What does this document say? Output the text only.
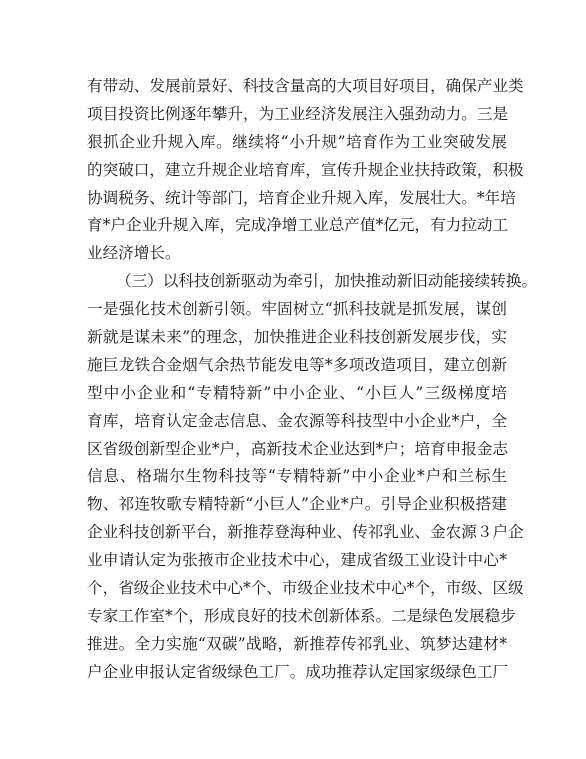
有带动、发展前景好、科技含量高的大项目好项目，确保产业类
项目投资比例逐年攀升，为工业经济发展注入强劲动力。三是
狠抓企业升规入库。继续将“小升规”培育作为工业突破发展
的突破口，建立升规企业培育库，宣传升规企业扶持政策，积极
协调税务、统计等部门，培育企业升规入库，发展壮大。*年培
育*户企业升规入库，完成净增工业总产值*亿元，有力拉动工
业经济增长。
（三）以科技创新驱动为牵引，加快推动新旧动能接续转换。
一是强化技术创新引领。牢固树立“抓科技就是抓发展，谋创
新就是谋未来”的理念，加快推进企业科技创新发展步伐，实
施巨龙铁合金烟气余热节能发电等*多项改造项目，建立创新
型中小企业和“专精特新”中小企业、“小巨人”三级梯度培
育库，培育认定金志信息、金农源等科技型中小企业*户，全
区省级创新型企业*户，高新技术企业达到*户；培育申报金志
信息、格瑞尔生物科技等“专精特新”中小企业*户和兰标生
物、祁连牧歌专精特新“小巨人”企业*户。引导企业积极搭建
企业科技创新平台，新推荐登海种业、传祁乳业、金农源３户企
业申请认定为张掖市企业技术中心，建成省级工业设计中心*
个，省级企业技术中心*个、市级企业技术中心*个，市级、区级
专家工作室*个，形成良好的技术创新体系。二是绿色发展稳步
推进。全力实施“双碳”战略，新推荐传祁乳业、筑梦达建材*
户企业申报认定省级绿色工厂。成功推荐认定国家级绿色工厂
